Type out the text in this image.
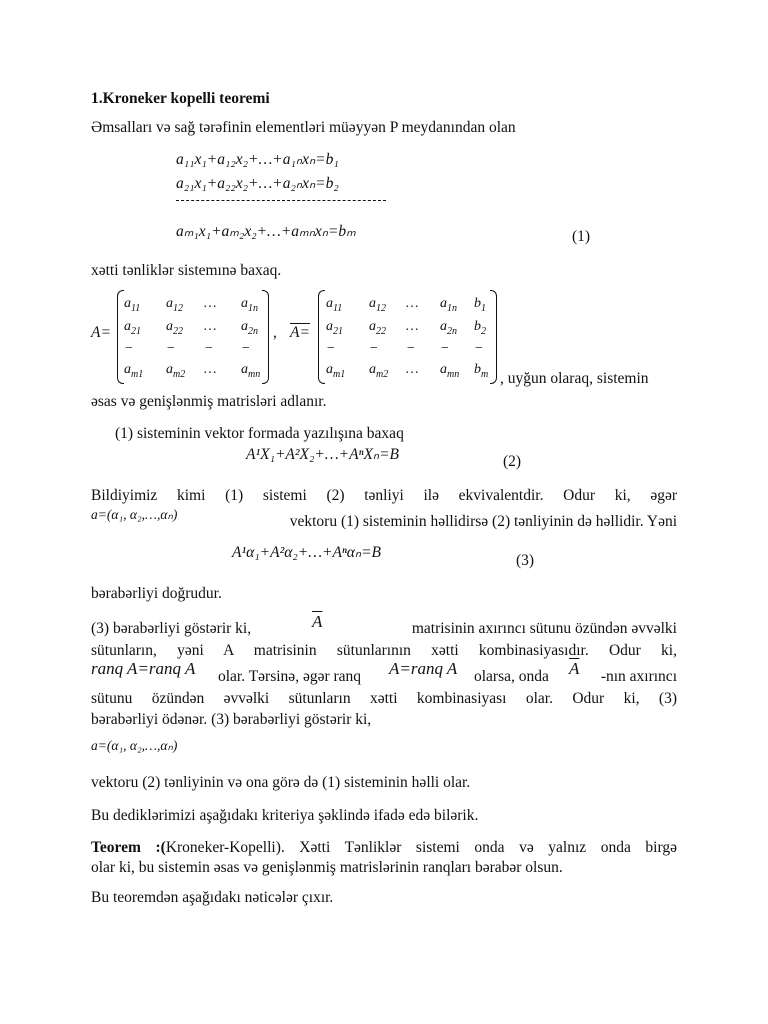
1.Kroneker kopelli teoremi
Əmsalları və sağ tərəfinin elementləri müəyyən P meydanından olan
a₁₁x₁+a₁₂x₂+…+a₁ₙxₙ=b₁
a₂₁x₁+a₂₂x₂+…+a₂ₙxₙ=b₂
aₘ₁x₁+aₘ₂x₂+…+aₘₙxₙ=bₘ	(1)
xətti tənliklər sistemınə baxaq.
A=
$a_{11}$ $a_{12}$ … $a_{1n}$
$a_{21}$ $a_{22}$ … $a_{2n}$
− − − −
$a_{m1}$ $a_{m2}$ … $a_{mn}$
, A=
$a_{11}$ $a_{12}$ … $a_{1n}$ $b_1$
$a_{21}$ $a_{22}$ … $a_{2n}$ $b_2$
− − − − −
$a_{m1}$ $a_{m2}$ … $a_{mn}$ $b_m$ , uyğun olaraq, sistemin
əsas və genişlənmiş matrisləri adlanır.
(1) sisteminin vektor formada yazılışına baxaq
A¹X₁+A²X₂+…+AⁿXₙ=B	(2)
Bildiyimiz kimi (1) sistemi (2) tənliyi ilə ekvivalentdir. Odur ki, əgər
a=(α₁, α₂,…,αₙ)	vektoru (1) sisteminin həllidirsə (2) tənliyinin də həllidir. Yəni
A¹α₁+A²α₂+…+Aⁿαₙ=B	(3)
bərabərliyi doğrudur.
(3) bərabərliyi göstərir ki,	$\overline{A}$	matrisinin axırıncı sütunu özündən əvvəlki
sütunların, yəni A matrisinin sütunlarının xətti kombinasiyasıdır. Odur ki,
ranq A=ranq A olar. Tərsinə, əgər ranq A=ranq A olarsa, onda $\overline{A}$	-nın axırıncı
sütunu özündən əvvəlki sütunların xətti kombinasiyası olar. Odur ki, (3)
bərabərliyi ödənər. (3) bərabərliyi göstərir ki,
a=(α₁, α₂,…,αₙ)
vektoru (2) tənliyinin və ona görə də (1) sisteminin həlli olar.
Bu dediklərimizi aşağıdakı kriteriya şəklində ifadə edə bilərik.
Teorem :(Kroneker-Kopelli). Xətti Tənliklər sistemi onda və yalnız onda birgə
olar ki, bu sistemin əsas və genişlənmiş matrislərinin ranqları bərabər olsun.
Bu teoremdən aşağıdakı nəticələr çıxır.
